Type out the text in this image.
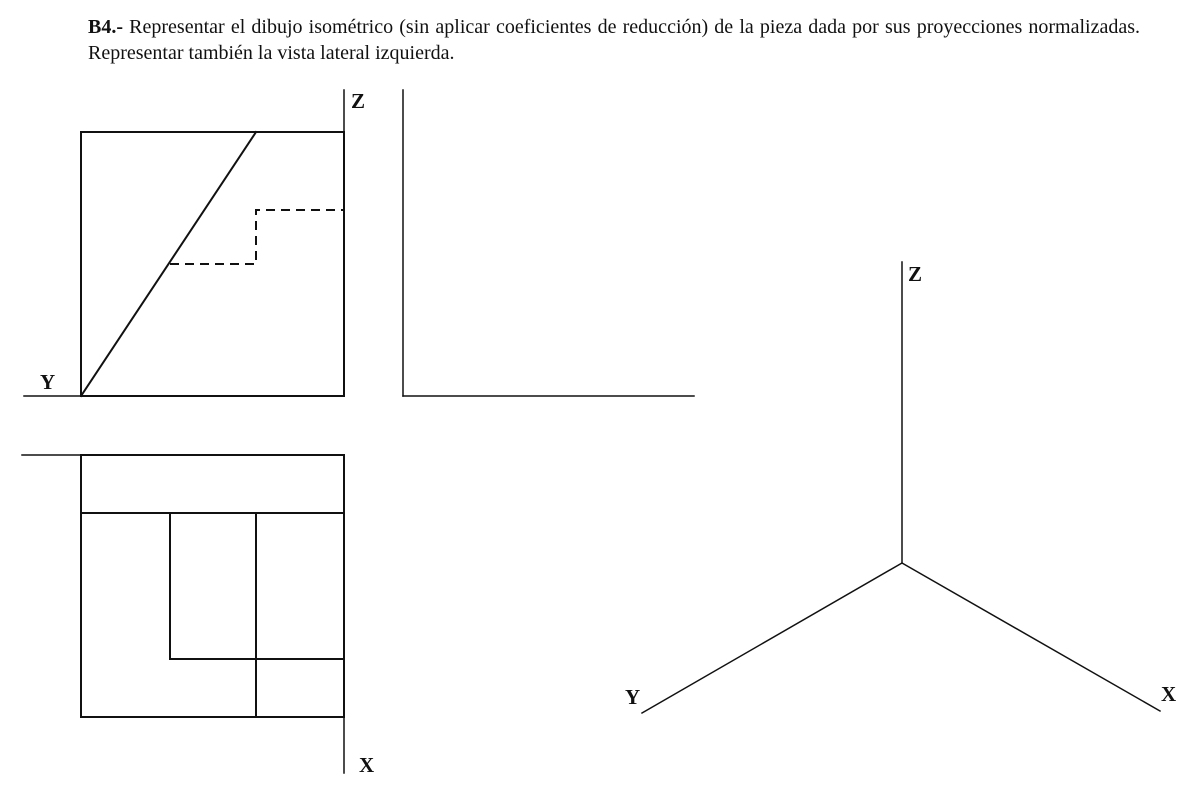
B4.- Representar el dibujo isométrico (sin aplicar coeficientes de reducción) de la pieza dada por sus proyecciones normalizadas. Representar también la vista lateral izquierda.

Z
Y
X
Z
Y	X
